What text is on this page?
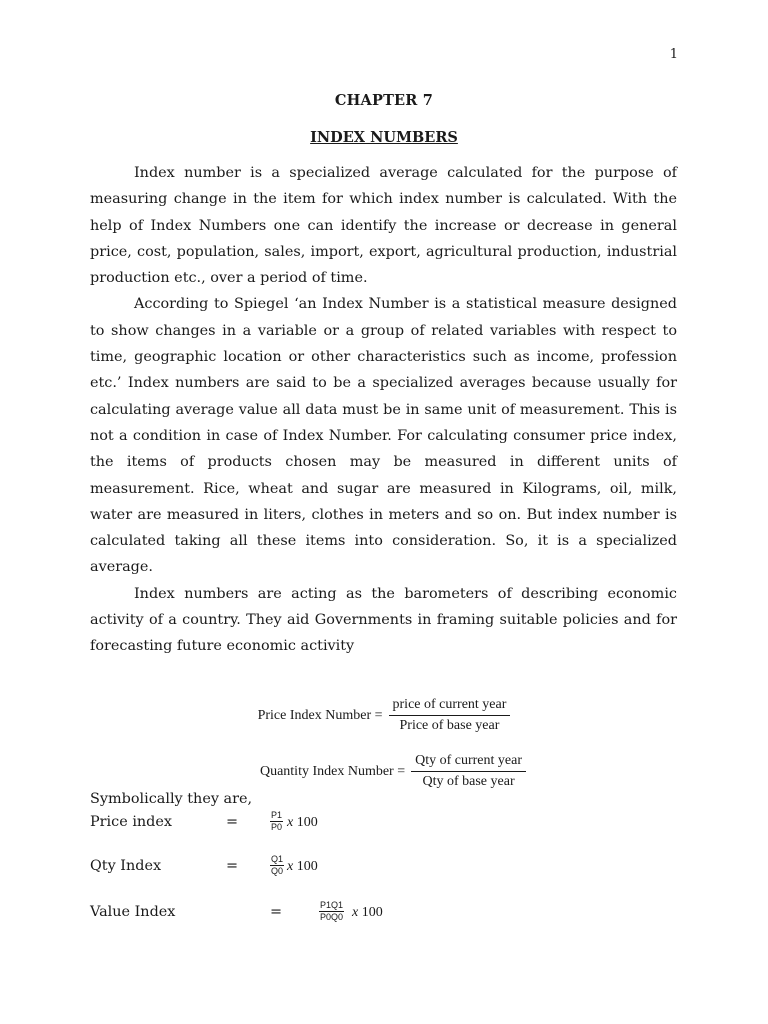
1
CHAPTER 7
INDEX NUMBERS

Index number is a specialized average calculated for the purpose of measuring change in the item for which index number is calculated. With the help of Index Numbers one can identify the increase or decrease in general price, cost, population, sales, import, export, agricultural production, industrial production etc., over a period of time.

According to Spiegel ‘an Index Number is a statistical measure designed to show changes in a variable or a group of related variables with respect to time, geographic location or other characteristics such as income, profession etc.’ Index numbers are said to be a specialized averages because usually for calculating average value all data must be in same unit of measurement. This is not a condition in case of Index Number. For calculating consumer price index, the items of products chosen may be measured in different units of measurement. Rice, wheat and sugar are measured in Kilograms, oil, milk, water are measured in liters, clothes in meters and so on. But index number is calculated taking all these items into consideration. So, it is a specialized average.

Index numbers are acting as the barometers of describing economic activity of a country. They aid Governments in framing suitable policies and for forecasting future economic activity

Price Index Number = $\frac{\text{price of current year}}{\text{Price of base year}}$
Quantity Index Number = $\frac{\text{Qty of current year}}{\text{Qty of base year}}$
Symbolically they are,
Price index	=	$\frac{P1}{P0}$ x 100
Qty Index	=	$\frac{Q1}{Q0}$ x 100
Value Index	=	$\frac{P1Q1}{P0Q0}$ x 100
